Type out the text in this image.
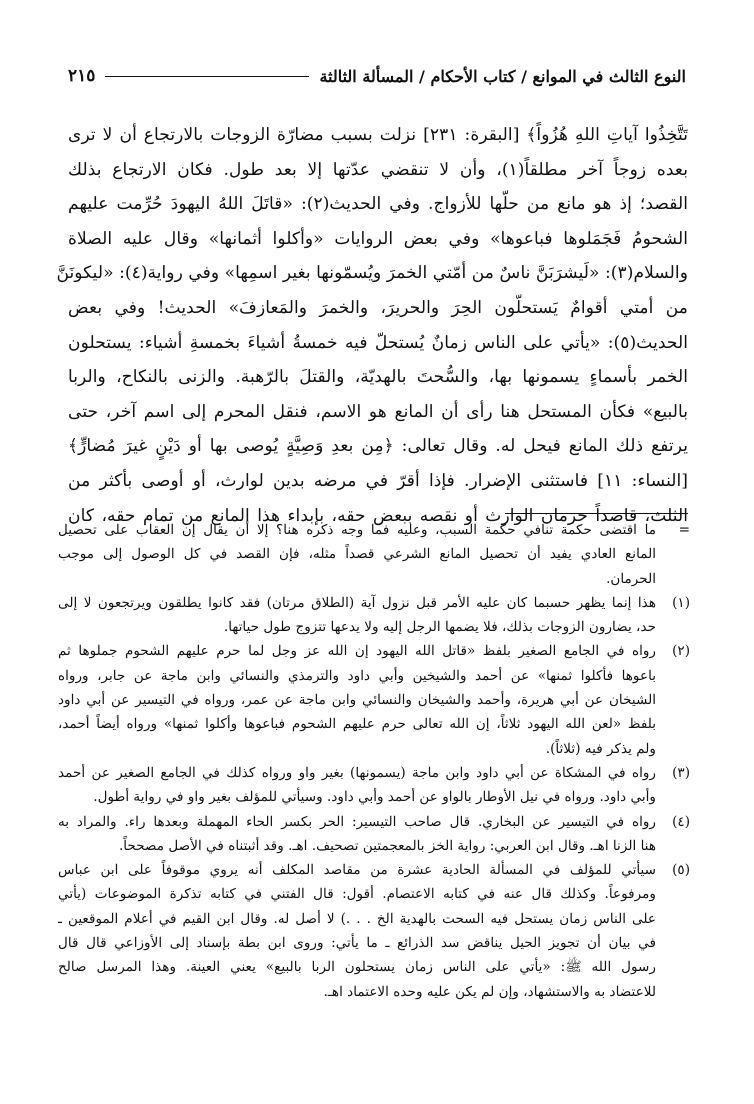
النوع الثالث في الموانع / كتاب الأحكام / المسألة الثالثة
٢١٥
تَتَّخِذُوا آياتِ اللهِ هُزُواً﴾ [البقرة: ٢٣١] نزلت بسبب مضارّة الزوجات بالارتجاع أن لا ترى
بعده زوجاً آخر مطلقاً(١)، وأن لا تنقضي عدّتها إلا بعد طول. فكان الارتجاع بذلك
القصد؛ إذ هو مانع من حلّها للأزواج. وفي الحديث(٢): «قاتَلَ اللهُ اليهودَ حُرِّمت عليهم
الشحومُ فَجَمَلوها فباعوها» وفي بعض الروايات «وأكلوا أثمانها» وقال عليه الصلاة
والسلام(٣): «لَيشرَبَنَّ ناسٌ من أمّتي الخمرَ ويُسمّونها بغير اسمِها» وفي رواية(٤): «ليكونَنَّ
من أمتي أقوامٌ يَستحلّون الحِرَ والحريرَ، والخمرَ والمَعازفَ» الحديث! وفي بعض
الحديث(٥): «يأتي على الناس زمانٌ يُستحلّ فيه خمسةُ أشياءَ بخمسةِ أشياء: يستحلون
الخمر بأسماءٍ يسمونها بها، والسُّحتَ بالهديّة، والقتلَ بالرّهبة. والزنى بالنكاح، والربا
بالبيع» فكأن المستحل هنا رأى أن المانع هو الاسم، فنقل المحرم إلى اسم آخر، حتى
يرتفع ذلك المانع فيحل له. وقال تعالى: ﴿مِن بعدِ وَصِيَّةٍ يُوصى بها أو دَيْنٍ غيرَ مُضارٍّ﴾
[النساء: ١١] فاستثنى الإضرار. فإذا أقرّ في مرضه بدين لوارث، أو أوصى بأكثر من
الثلث، قاصداً حرمان الوارث أو نقصه ببعض حقه، بإبداء هذا المانع من تمام حقه، كان
=
ما اقتضى حكمة تنافي حكمة السبب، وعليه فما وجه ذكره هنا؟ إلا أن يقال إن العقاب على تحصيل
المانع العادي يفيد أن تحصيل المانع الشرعي قصداً مثله، فإن القصد في كل الوصول إلى موجب
الحرمان.
(١)
هذا إنما يظهر حسبما كان عليه الأمر قبل نزول آية (الطلاق مرتان) فقد كانوا يطلقون ويرتجعون لا إلى
حد، يضارون الزوجات بذلك، فلا يضمها الرجل إليه ولا يدعها تتزوج طول حياتها.
(٢)
رواه في الجامع الصغير بلفظ «قاتل الله اليهود إن الله عز وجل لما حرم عليهم الشحوم جملوها ثم
باعوها فأكلوا ثمنها» عن أحمد والشيخين وأبي داود والترمذي والنسائي وابن ماجة عن جابر، ورواه
الشيخان عن أبي هريرة، وأحمد والشيخان والنسائي وابن ماجة عن عمر، ورواه في التيسير عن أبي داود
بلفظ «لعن الله اليهود ثلاثاً، إن الله تعالى حرم عليهم الشحوم فباعوها وأكلوا ثمنها» ورواه أيضاً أحمد،
ولم يذكر فيه (ثلاثاً).
(٣)
رواه في المشكاة عن أبي داود وابن ماجة (يسمونها) بغير واو ورواه كذلك في الجامع الصغير عن أحمد
وأبي داود. ورواه في نيل الأوطار بالواو عن أحمد وأبي داود. وسيأتي للمؤلف بغير واو في رواية أطول.
(٤)
رواه في التيسير عن البخاري. قال صاحب التيسير: الحر بكسر الحاء المهملة وبعدها راء. والمراد به
هنا الزنا اهـ. وقال ابن العربي: رواية الخز بالمعجمتين تصحيف. اهـ. وقد أثبتناه في الأصل مصححاً.
(٥)
سيأتي للمؤلف في المسألة الحادية عشرة من مقاصد المكلف أنه يروي موقوفاً على ابن عباس
ومرفوعاً. وكذلك قال عنه في كتابه الاعتصام. أقول: قال الفتني في كتابه تذكرة الموضوعات (يأتي
على الناس زمان يستحل فيه السحت بالهدية الخ . . .) لا أصل له. وقال ابن القيم في أعلام الموقعين ـ
في بيان أن تجويز الحيل يناقض سد الذرائع ـ ما يأتي: وروى ابن بطة بإسناد إلى الأوزاعي قال قال
رسول الله ﷺ: «يأتي على الناس زمان يستحلون الربا بالبيع» يعني العينة. وهذا المرسل صالح
للاعتضاد به والاستشهاد، وإن لم يكن عليه وحده الاعتماد اهـ.
